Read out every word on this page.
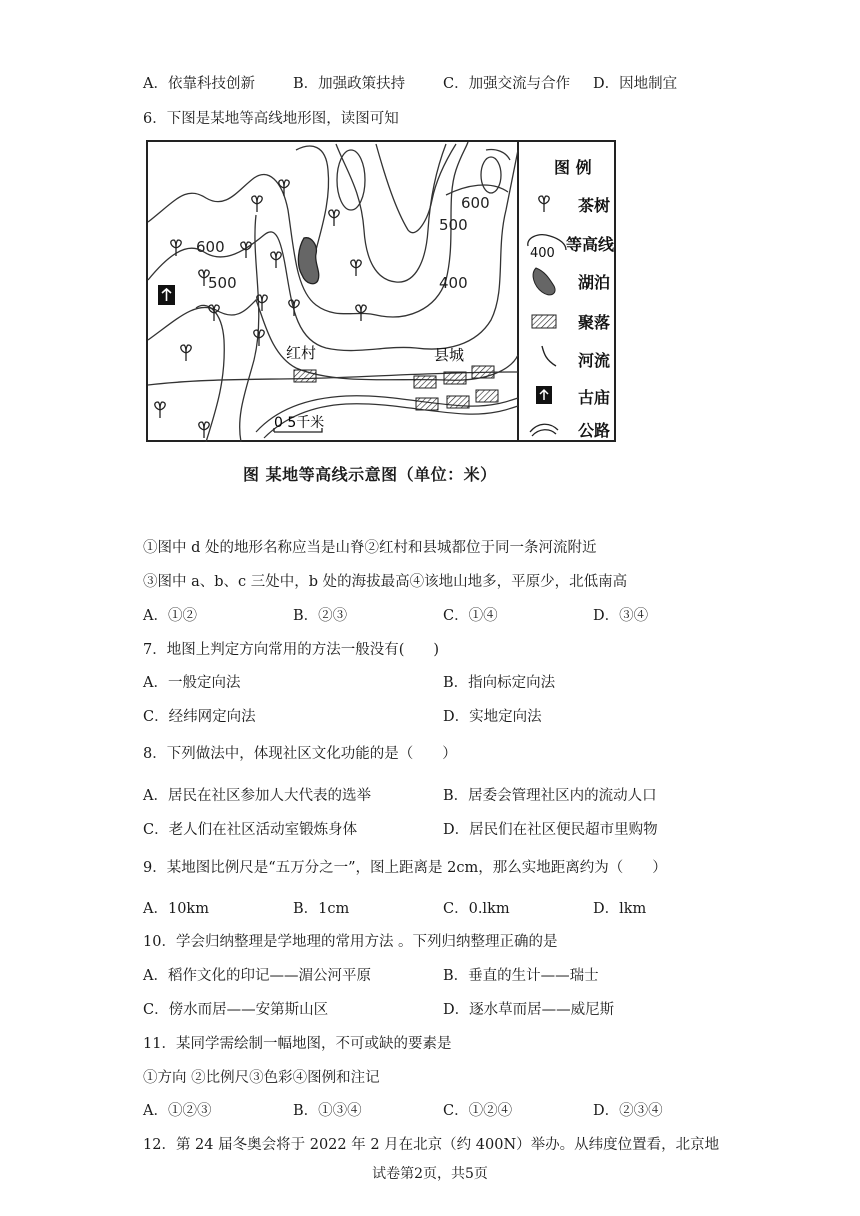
A．依靠科技创新	B．加强政策扶持	C．加强交流与合作 D．因地制宜
6．下图是某地等高线地形图，读图可知
600
500
600
500
400
红村	县城
0 5千米
图 例
茶树
400 等高线
湖泊
聚落
河流
古庙
公路
图 某地等高线示意图（单位：米）
①图中 d 处的地形名称应当是山脊②红村和县城都位于同一条河流附近
③图中 a、b、c 三处中，b 处的海拔最高④该地山地多，平原少，北低南高
A．①②	B．②③	C．①④	D．③④
7．地图上判定方向常用的方法一般没有(　　)
A．一般定向法	B．指向标定向法
C．经纬网定向法	D．实地定向法
8．下列做法中，体现社区文化功能的是（　　）
A．居民在社区参加人大代表的选举	B．居委会管理社区内的流动人口
C．老人们在社区活动室锻炼身体	D．居民们在社区便民超市里购物
9．某地图比例尺是“五万分之一”，图上距离是 2cm，那么实地距离约为（　　）
A．10km	B．1cm	C．0.lkm	D．lkm
10．学会归纳整理是学地理的常用方法 。下列归纳整理正确的是
A．稻作文化的印记——湄公河平原	B．垂直的生计——瑞士
C．傍水而居——安第斯山区	D．逐水草而居——威尼斯
11．某同学需绘制一幅地图，不可或缺的要素是
①方向 ②比例尺③色彩④图例和注记
A．①②③	B．①③④	C．①②④	D．②③④
12．第 24 届冬奥会将于 2022 年 2 月在北京（约 400N）举办。从纬度位置看，北京地
试卷第2页，共5页
